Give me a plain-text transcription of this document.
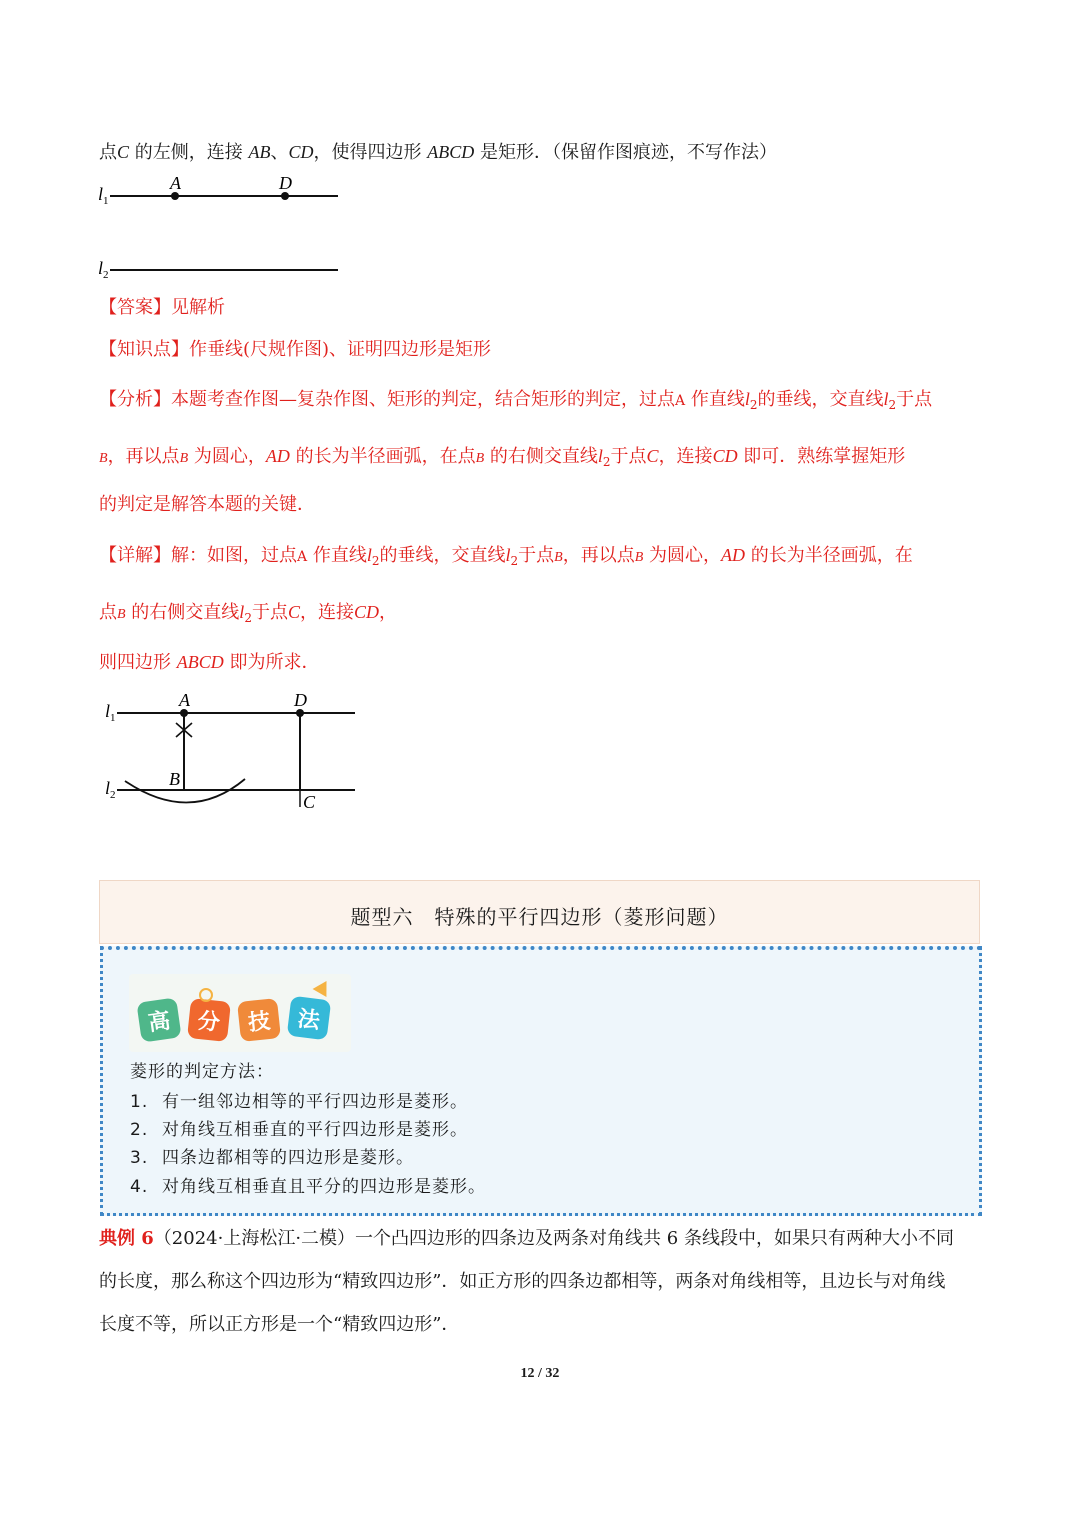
点C 的左侧，连接 AB、CD，使得四边形 ABCD 是矩形．（保留作图痕迹，不写作法）
$l_1$
$l_2$
A	D
【答案】见解析
【知识点】作垂线(尺规作图)、证明四边形是矩形
【分析】本题考查作图—复杂作图、矩形的判定，结合矩形的判定，过点A 作直线$l_2$的垂线，交直线$l_2$于点
B，再以点B 为圆心，AD 的长为半径画弧，在点B 的右侧交直线$l_2$于点C，连接CD 即可．熟练掌握矩形
的判定是解答本题的关键．
【详解】解：如图，过点A 作直线$l_2$的垂线，交直线$l_2$于点B，再以点B 为圆心，AD 的长为半径画弧，在
点B 的右侧交直线$l_2$于点C，连接CD，
则四边形 ABCD 即为所求．
$l_1$
$l_2$
A	D
B
C
题型六　特殊的平行四边形（菱形问题）
高	分	技	法
菱形的判定方法：
1. 有一组邻边相等的平行四边形是菱形。
2. 对角线互相垂直的平行四边形是菱形。
3. 四条边都相等的四边形是菱形。
4. 对角线互相垂直且平分的四边形是菱形。
典例 6（2024·上海松江·二模）一个凸四边形的四条边及两条对角线共 6 条线段中，如果只有两种大小不同
的长度，那么称这个四边形为“精致四边形”．如正方形的四条边都相等，两条对角线相等，且边长与对角线
长度不等，所以正方形是一个“精致四边形”．
12 / 32
